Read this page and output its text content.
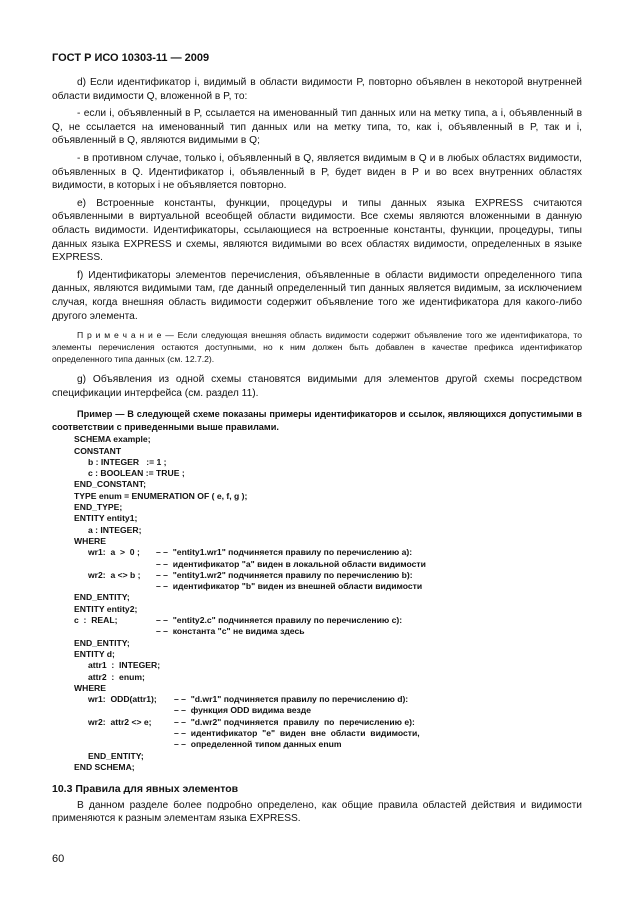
ГОСТ Р ИСО 10303-11 — 2009

d) Если идентификатор i, видимый в области видимости P, повторно объявлен в некоторой внутренней области видимости Q, вложенной в P, то:

- если i, объявленный в P, ссылается на именованный тип данных или на метку типа, a i, объявленный в Q, не ссылается на именованный тип данных или на метку типа, то, как i, объявленный в P, так и i, объявленный в Q, являются видимыми в Q;

- в противном случае, только i, объявленный в Q, является видимым в Q и в любых областях видимости, объявленных в Q. Идентификатор i, объявленный в P, будет виден в P и во всех внутренних областях видимости, в которых i не объявляется повторно.

e) Встроенные константы, функции, процедуры и типы данных языка EXPRESS считаются объявленными в виртуальной всеобщей области видимости. Все схемы являются вложенными в данную область видимости. Идентификаторы, ссылающиеся на встроенные константы, функции, процедуры, типы данных языка EXPRESS и схемы, являются видимыми во всех областях видимости, определенных в языке EXPRESS.

f) Идентификаторы элементов перечисления, объявленные в области видимости определенного типа данных, являются видимыми там, где данный определенный тип данных является видимым, за исключением случая, когда внешняя область видимости содержит объявление того же идентификатора для какого-либо другого элемента.

П р и м е ч а н и е — Если следующая внешняя область видимости содержит объявление того же идентификатора, то элементы перечисления остаются доступными, но к ним должен быть добавлен в качестве префикса идентификатор определенного типа данных (см. 12.7.2).

g) Объявления из одной схемы становятся видимыми для элементов другой схемы посредством спецификации интерфейса (см. раздел 11).

Пример — В следующей схеме показаны примеры идентификаторов и ссылок, являющихся допустимыми в соответствии с приведенными выше правилами.

SCHEMA example;
CONSTANT
b : INTEGER   := 1 ;
c : BOOLEAN := TRUE ;
END_CONSTANT;
TYPE enum = ENUMERATION OF ( e, f, g );
END_TYPE;
ENTITY entity1;
a : INTEGER;
WHERE
wr1:  a  >  0 ;	– –  "entity1.wr1" подчиняется правилу по перечислению a):
– –  идентификатор "a" виден в локальной области видимости
wr2:  a <> b ;	– –  "entity1.wr2" подчиняется правилу по перечислению b):
– –  идентификатор "b" виден из внешней области видимости
END_ENTITY;
ENTITY entity2;
c  :  REAL;	– –  "entity2.c" подчиняется правилу по перечислению c):
– –  константа "c" не видима здесь
END_ENTITY;
ENTITY d;
attr1  :  INTEGER;
attr2  :  enum;
WHERE
wr1:  ODD(attr1);	– –  "d.wr1" подчиняется правилу по перечислению d):
– –  функция ODD видима везде
wr2:  attr2 <> e;	– –  "d.wr2" подчиняется  правилу  по  перечислению e):
– –  идентификатор  "e"  виден  вне  области  видимости,
– –  определенной типом данных enum
END_ENTITY;
END SCHEMA;
10.3 Правила для явных элементов

В данном разделе более подробно определено, как общие правила областей действия и видимости применяются к разным элементам языка EXPRESS.

60
